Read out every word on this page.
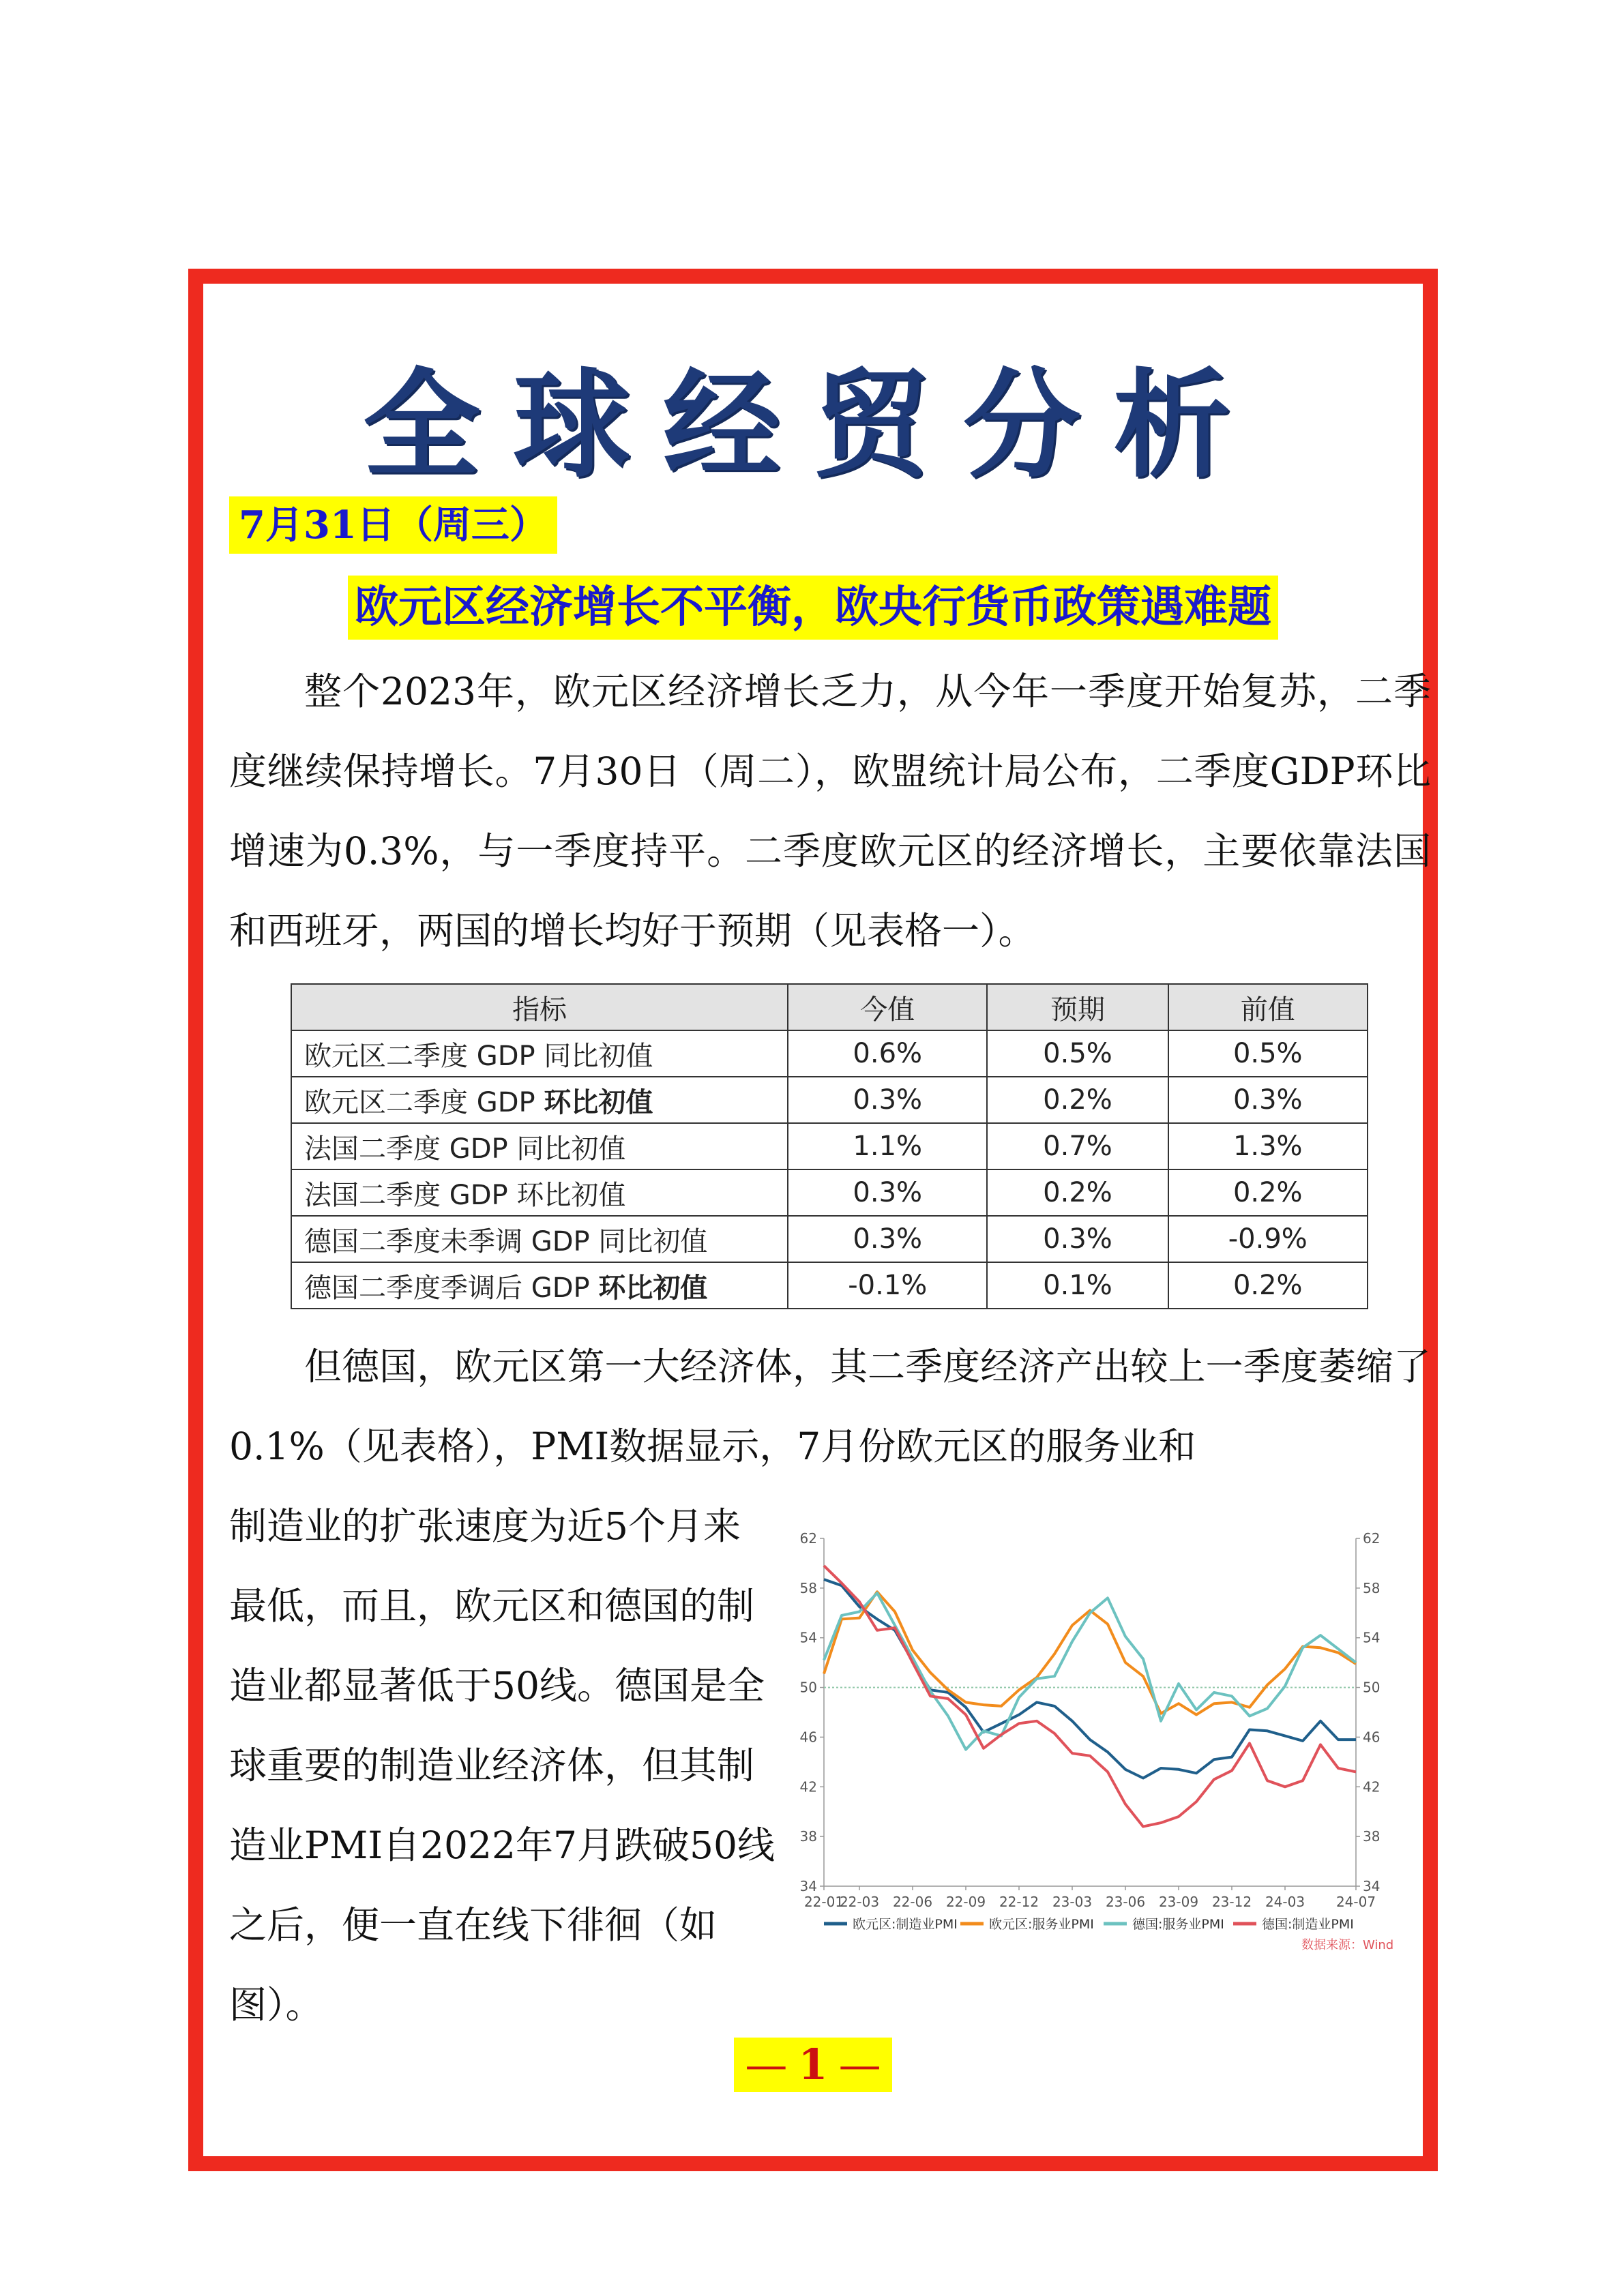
全球经贸分析
7月31日（周三）
欧元区经济增长不平衡，欧央行货币政策遇难题

整个2023年，欧元区经济增长乏力，从今年一季度开始复苏，二季度继续保持增长。7月30日（周二），欧盟统计局公布，二季度GDP环比增速为0.3%，与一季度持平。二季度欧元区的经济增长，主要依靠法国和西班牙，两国的增长均好于预期（见表格一）。

指标	今值	预期	前值
欧元区二季度 GDP 同比初值	0.6%	0.5%	0.5%
欧元区二季度 GDP 环比初值	0.3%	0.2%	0.3%
法国二季度 GDP 同比初值	1.1%	0.7%	1.3%
法国二季度 GDP 环比初值	0.3%	0.2%	0.2%
德国二季度未季调 GDP 同比初值	0.3%	0.3%	-0.9%
德国二季度季调后 GDP 环比初值	-0.1%	0.1%	0.2%

但德国，欧元区第一大经济体，其二季度经济产出较上一季度萎缩了0.1%（见表格），PMI数据显示，7月份欧元区的服务业和

制造业的扩张速度为近5个月来最低，而且，欧元区和德国的制造业都显著低于50线。德国是全球重要的制造业经济体，但其制造业PMI自2022年7月跌破50线之后，便一直在线下徘徊（如图）。

34	34
38	38
42	42
46	46
50	50
54	54
58	58
62	62
22-01
22-03 22-06 22-09 22-12 23-03 23-06 23-09 23-12 24-03 24-07
欧元区:制造业PMI 欧元区:服务业PMI	德国:服务业PMI	德国:制造业PMI
数据来源：Wind
— 1 —
